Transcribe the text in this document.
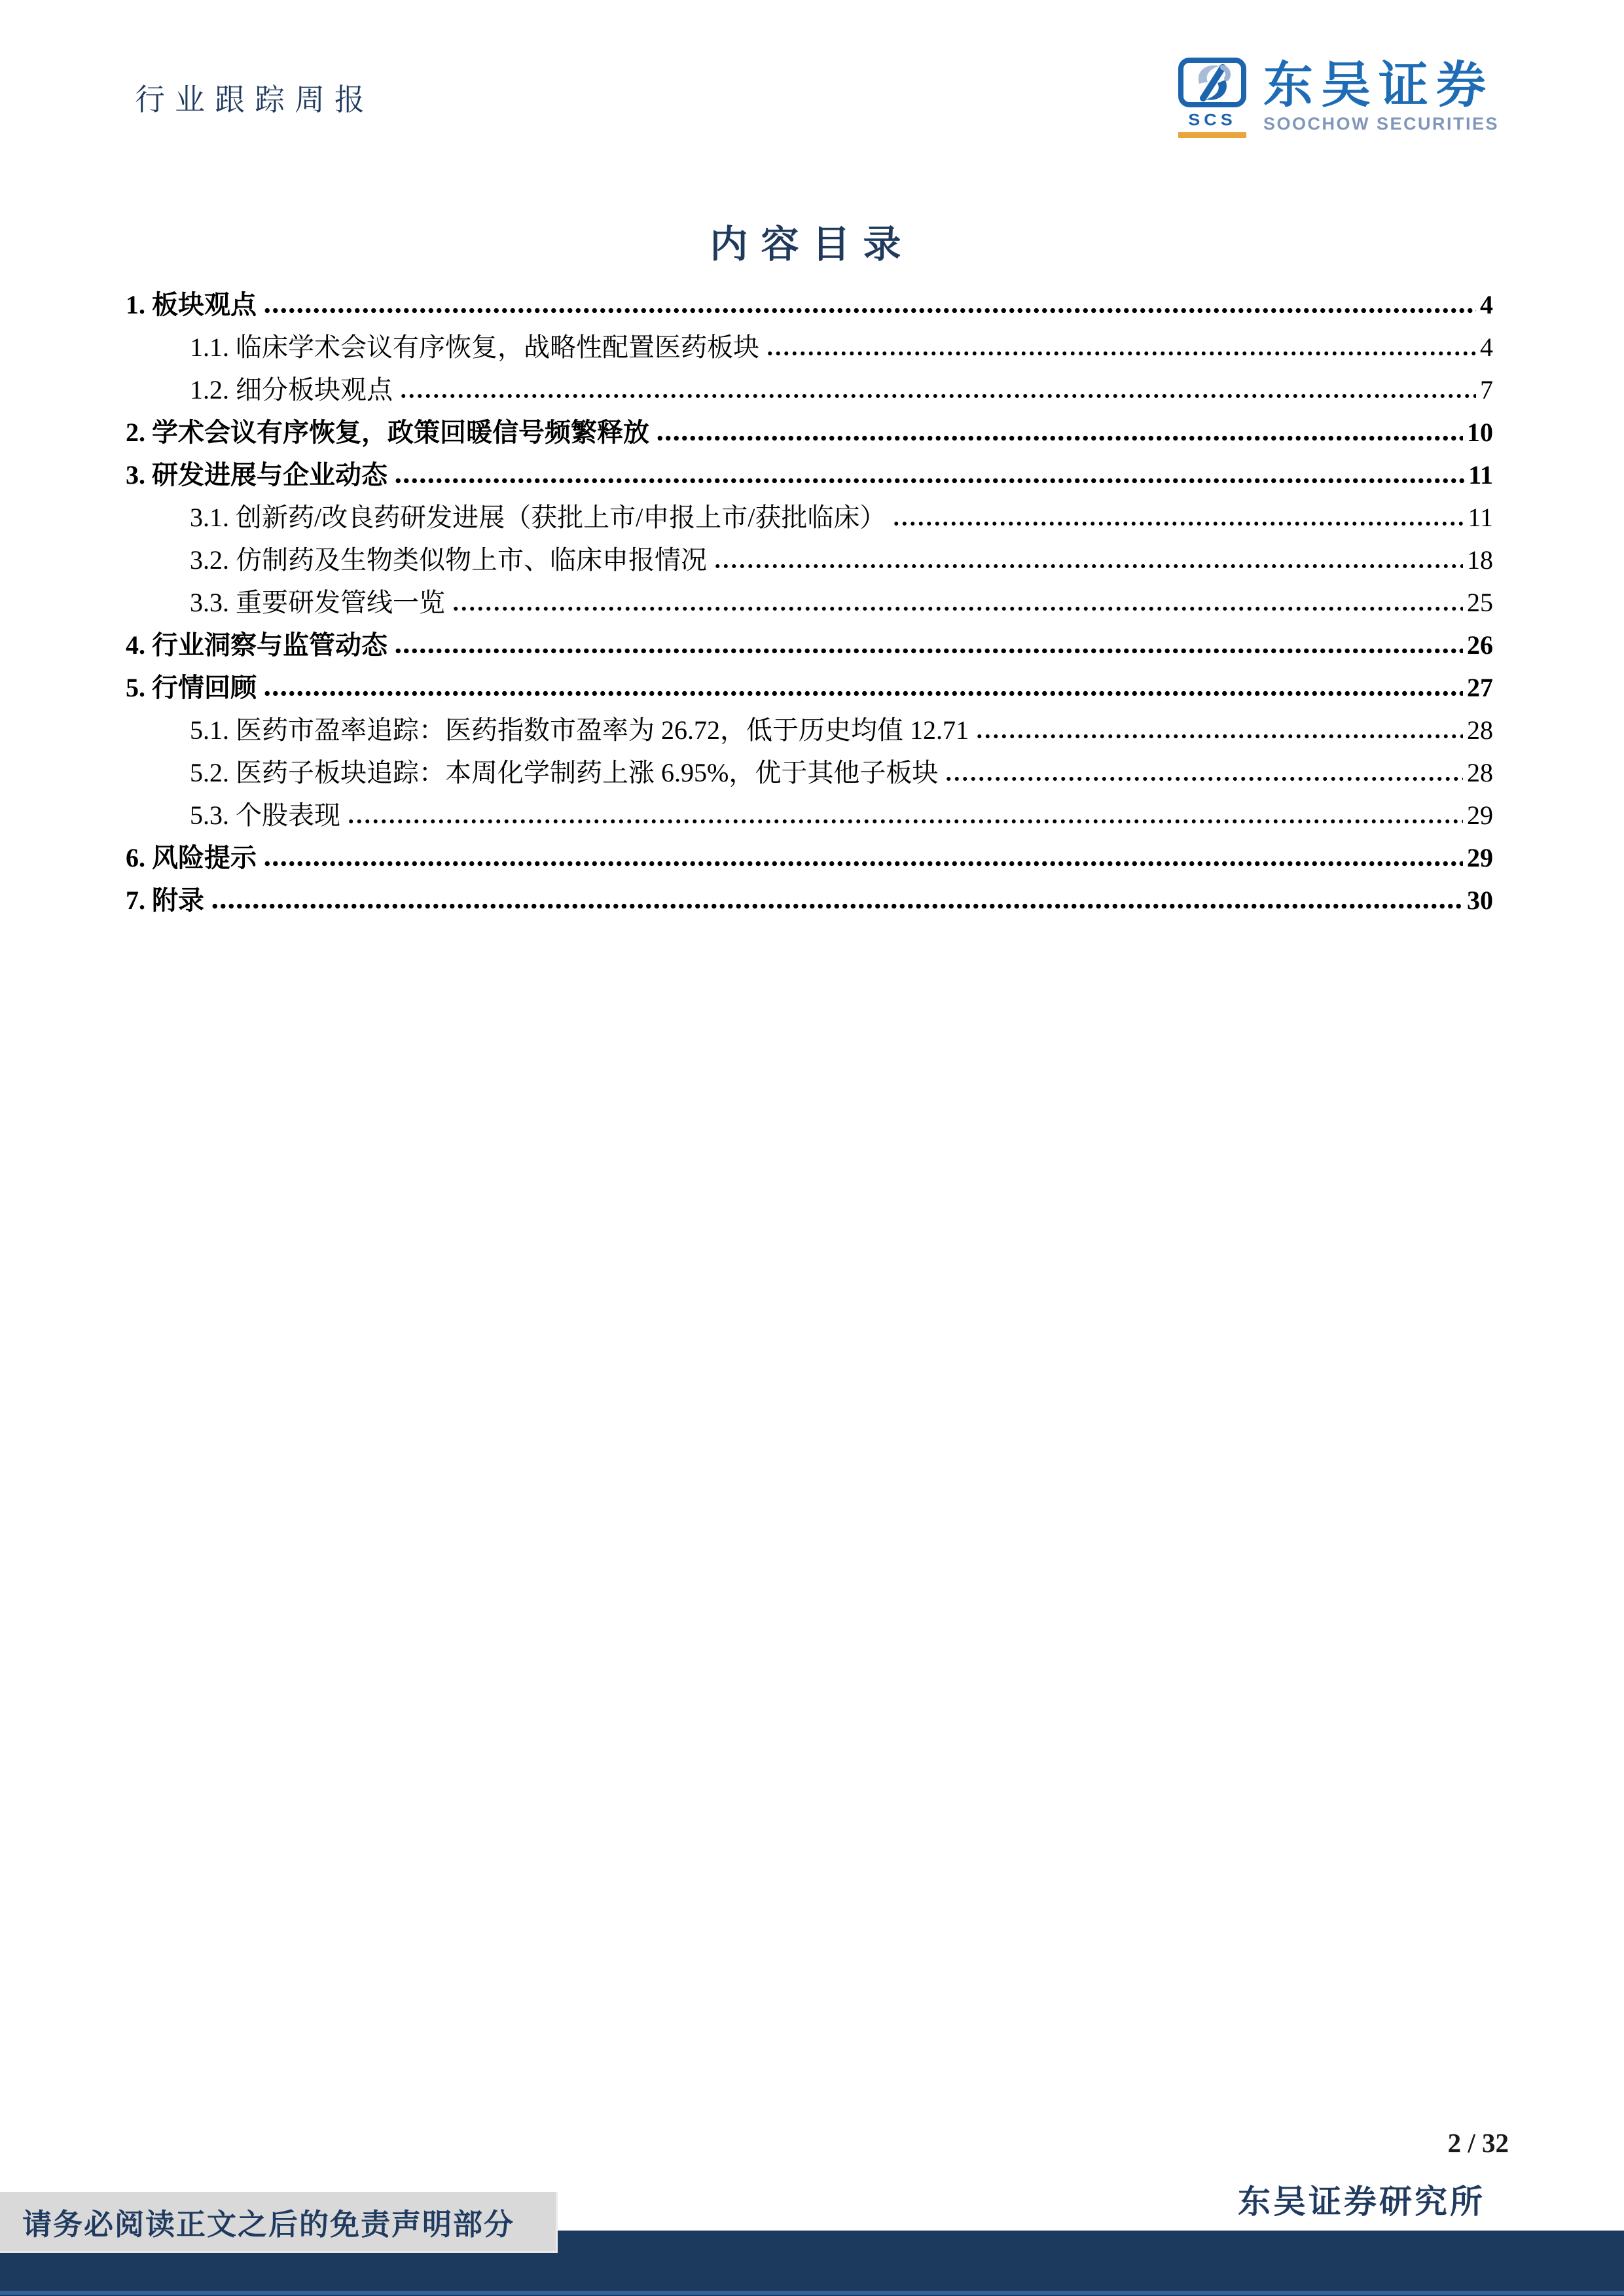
行业跟踪周报
SCS
东吴证券
SOOCHOW SECURITIES
内容目录
1. 板块观点	4
1.1. 临床学术会议有序恢复，战略性配置医药板块	4
1.2. 细分板块观点	7
2. 学术会议有序恢复，政策回暖信号频繁释放	10
3. 研发进展与企业动态	11
3.1. 创新药/改良药研发进展（获批上市/申报上市/获批临床）	11
3.2. 仿制药及生物类似物上市、临床申报情况	18
3.3. 重要研发管线一览	25
4. 行业洞察与监管动态	26
5. 行情回顾	27
5.1. 医药市盈率追踪：医药指数市盈率为 26.72，低于历史均值 12.71	28
5.2. 医药子板块追踪：本周化学制药上涨 6.95%，优于其他子板块	28
5.3. 个股表现	29
6. 风险提示	29
7. 附录	30
2 / 32
东吴证券研究所
请务必阅读正文之后的免责声明部分
